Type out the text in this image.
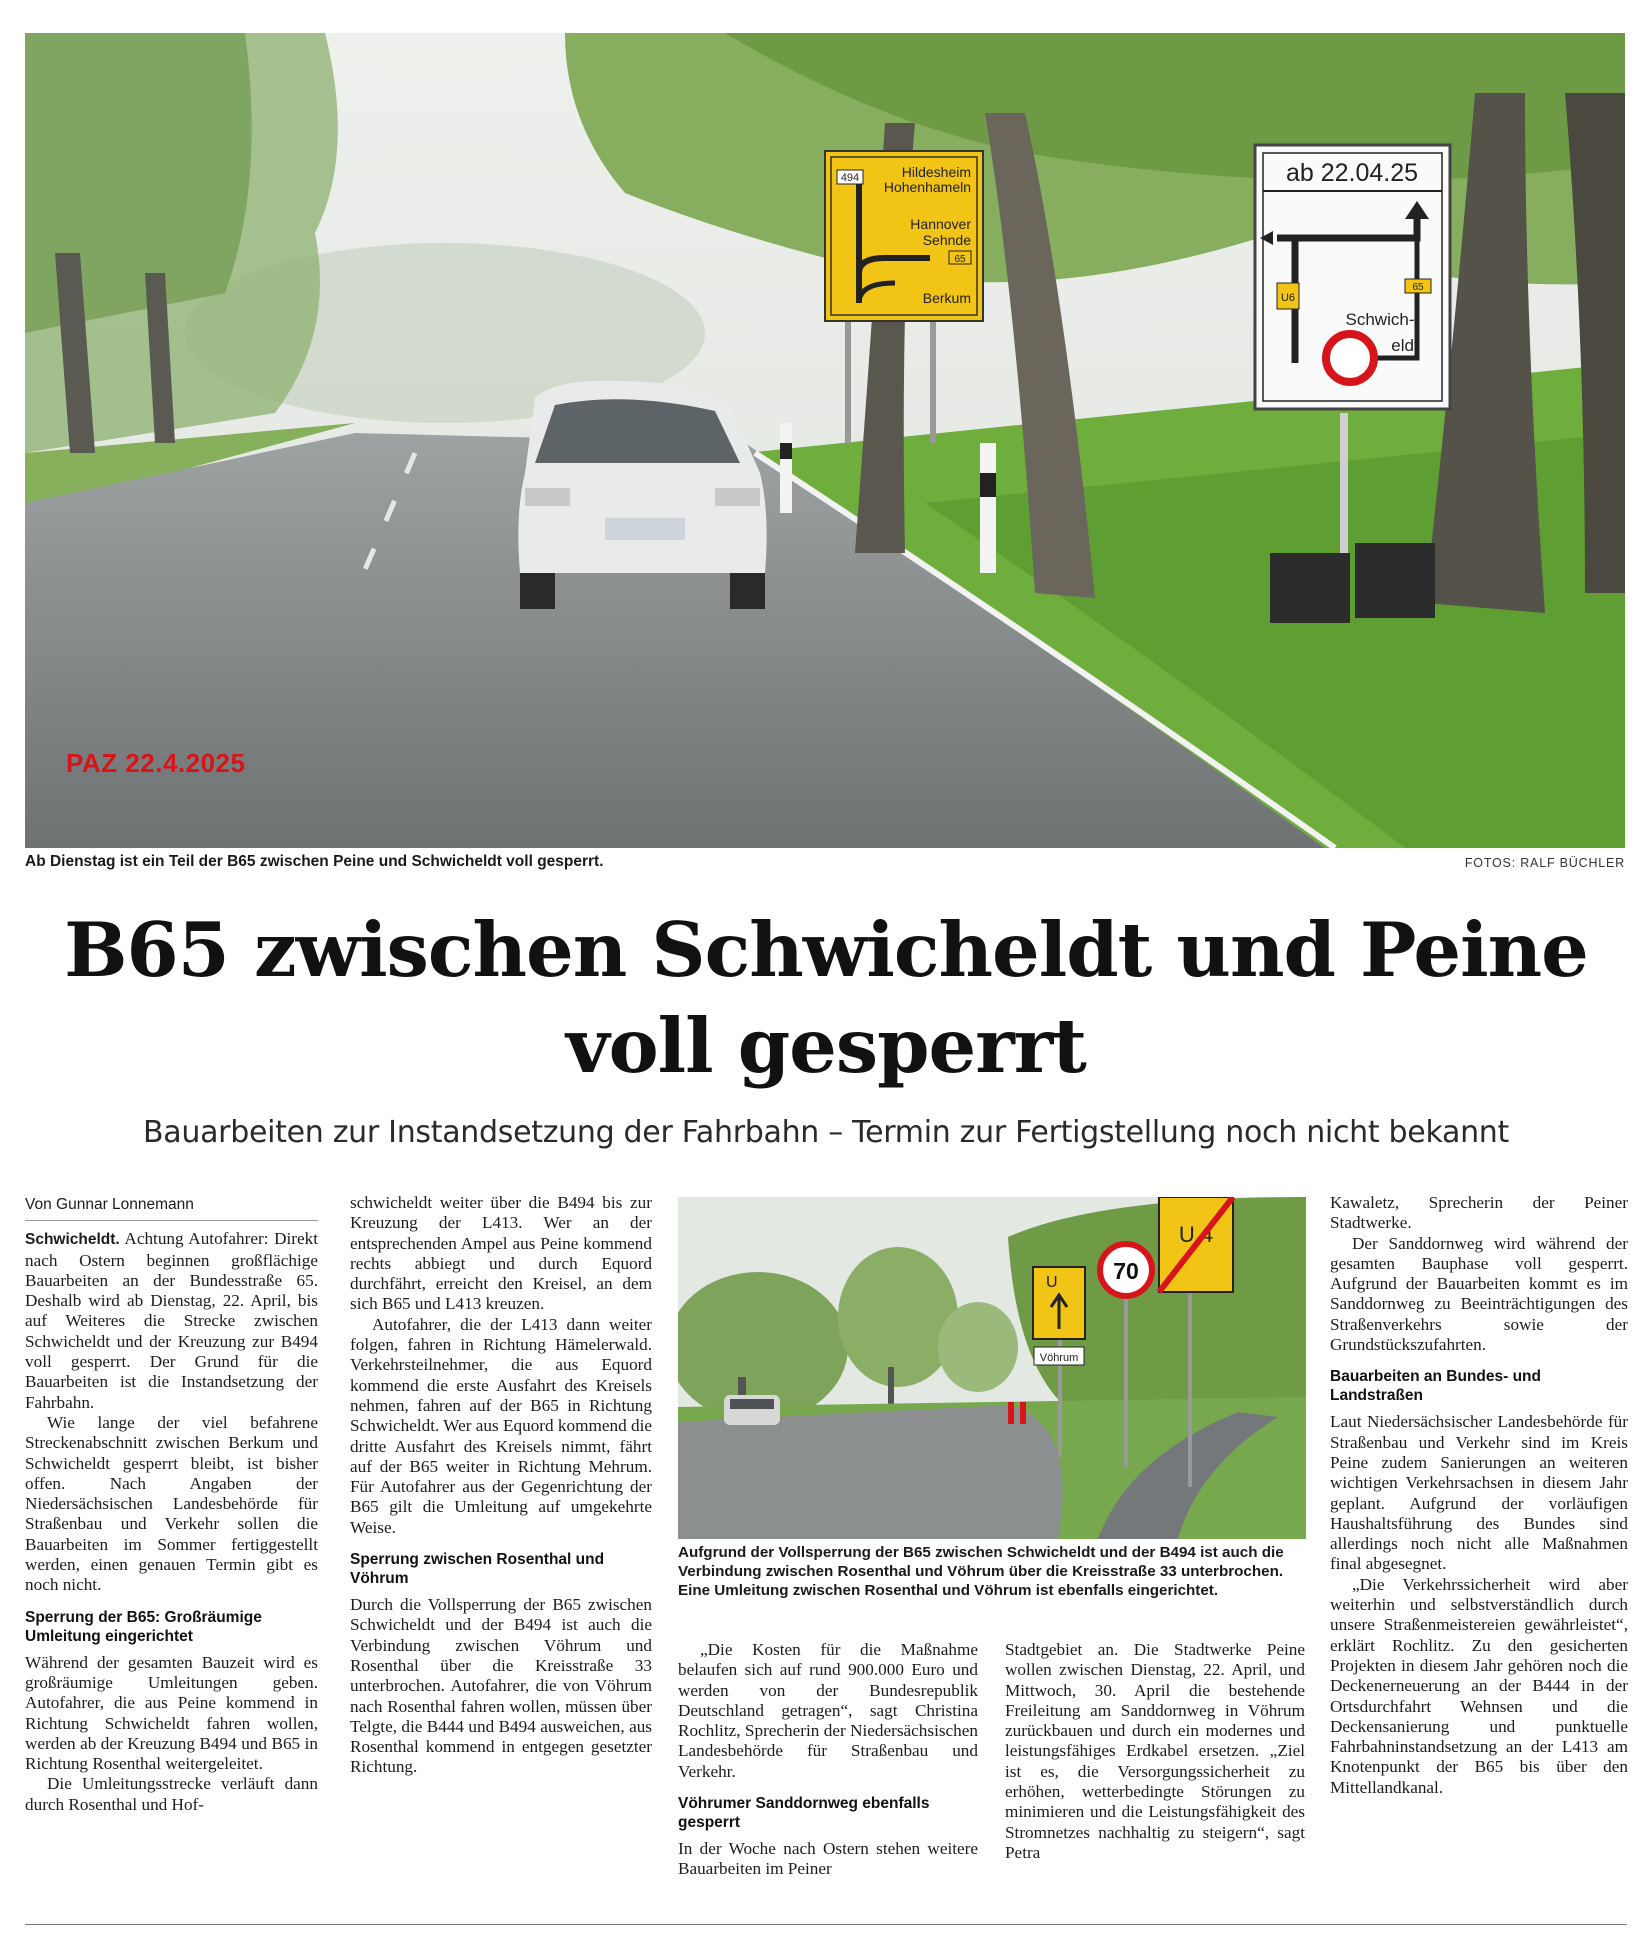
494	Hildesheim
Hohenhameln
Hannover
Sehnde
65
Berkum
ab 22.04.25
U6
65
Schwich-
eldt
PAZ 22.4.2025
Ab Dienstag ist ein Teil der B65 zwischen Peine und Schwicheldt voll gesperrt.	FOTOS: RALF BÜCHLER
B65 zwischen Schwicheldt und Peine
voll gesperrt
Bauarbeiten zur Instandsetzung der Fahrbahn – Termin zur Fertigstellung noch nicht bekannt
Von Gunnar Lonnemann

Schwicheldt. Achtung Autofahrer: Direkt nach Ostern beginnen großflächige Bauarbeiten an der Bundesstraße 65. Deshalb wird ab Dienstag, 22. April, bis auf Weiteres die Strecke zwischen Schwicheldt und der Kreuzung zur B494 voll gesperrt. Der Grund für die Bauarbeiten ist die Instandsetzung der Fahrbahn.

Wie lange der viel befahrene Streckenabschnitt zwischen Berkum und Schwicheldt gesperrt bleibt, ist bisher offen. Nach Angaben der Niedersächsischen Landesbehörde für Straßenbau und Verkehr sollen die Bauarbeiten im Sommer fertiggestellt werden, einen genauen Termin gibt es noch nicht.

Sperrung der B65: Großräumige Umleitung eingerichtet

Während der gesamten Bauzeit wird es großräumige Umleitungen geben. Autofahrer, die aus Peine kommend in Richtung Schwicheldt fahren wollen, werden ab der Kreuzung B494 und B65 in Richtung Rosenthal weitergeleitet.

Die Umleitungsstrecke verläuft dann durch Rosenthal und Hof-

schwicheldt weiter über die B494 bis zur Kreuzung der L413. Wer an der entsprechenden Ampel aus Peine kommend rechts abbiegt und durch Equord durchfährt, erreicht den Kreisel, an dem sich B65 und L413 kreuzen.

Autofahrer, die der L413 dann weiter folgen, fahren in Richtung Hämelerwald. Verkehrsteilnehmer, die aus Equord kommend die erste Ausfahrt des Kreisels nehmen, fahren auf der B65 in Richtung Schwicheldt. Wer aus Equord kommend die dritte Ausfahrt des Kreisels nimmt, fährt auf der B65 weiter in Richtung Mehrum. Für Autofahrer aus der Gegenrichtung der B65 gilt die Umleitung auf umgekehrte Weise.

Sperrung zwischen Rosenthal und Vöhrum

Durch die Vollsperrung der B65 zwischen Schwicheldt und der B494 ist auch die Verbindung zwischen Vöhrum und Rosenthal über die Kreisstraße 33 unterbrochen. Autofahrer, die von Vöhrum nach Rosenthal fahren wollen, müssen über Telgte, die B444 und B494 ausweichen, aus Rosenthal kommend in entgegen gesetzter Richtung.

U
Vöhrum
70
U 4
Aufgrund der Vollsperrung der B65 zwischen Schwicheldt und der B494 ist auch die Verbindung zwischen Rosenthal und Vöhrum über die Kreisstraße 33 unterbrochen. Eine Umleitung zwischen Rosenthal und Vöhrum ist ebenfalls eingerichtet.

„Die Kosten für die Maßnahme belaufen sich auf rund 900.000 Euro und werden von der Bundesrepublik Deutschland getragen“, sagt Christina Rochlitz, Sprecherin der Niedersächsischen Landesbehörde für Straßenbau und Verkehr.

Vöhrumer Sanddornweg ebenfalls gesperrt

In der Woche nach Ostern stehen weitere Bauarbeiten im Peiner

Stadtgebiet an. Die Stadtwerke Peine wollen zwischen Dienstag, 22. April, und Mittwoch, 30. April die bestehende Freileitung am Sanddornweg in Vöhrum zurückbauen und durch ein modernes und leistungsfähiges Erdkabel ersetzen. „Ziel ist es, die Versorgungssicherheit zu erhöhen, wetterbedingte Störungen zu minimieren und die Leistungsfähigkeit des Stromnetzes nachhaltig zu steigern“, sagt Petra

Kawaletz, Sprecherin der Peiner Stadtwerke.

Der Sanddornweg wird während der gesamten Bauphase voll gesperrt. Aufgrund der Bauarbeiten kommt es im Sanddornweg zu Beeinträchtigungen des Straßenverkehrs sowie der Grundstückszufahrten.

Bauarbeiten an Bundes- und Landstraßen

Laut Niedersächsischer Landesbehörde für Straßenbau und Verkehr sind im Kreis Peine zudem Sanierungen an weiteren wichtigen Verkehrsachsen in diesem Jahr geplant. Aufgrund der vorläufigen Haushaltsführung des Bundes sind allerdings noch nicht alle Maßnahmen final abgesegnet.

„Die Verkehrssicherheit wird aber weiterhin und selbstverständlich durch unsere Straßenmeistereien gewährleistet“, erklärt Rochlitz. Zu den gesicherten Projekten in diesem Jahr gehören noch die Deckenerneuerung an der B444 in der Ortsdurchfahrt Wehnsen und die Deckensanierung und punktuelle Fahrbahninstandsetzung an der L413 am Knotenpunkt der B65 bis über den Mittellandkanal.
